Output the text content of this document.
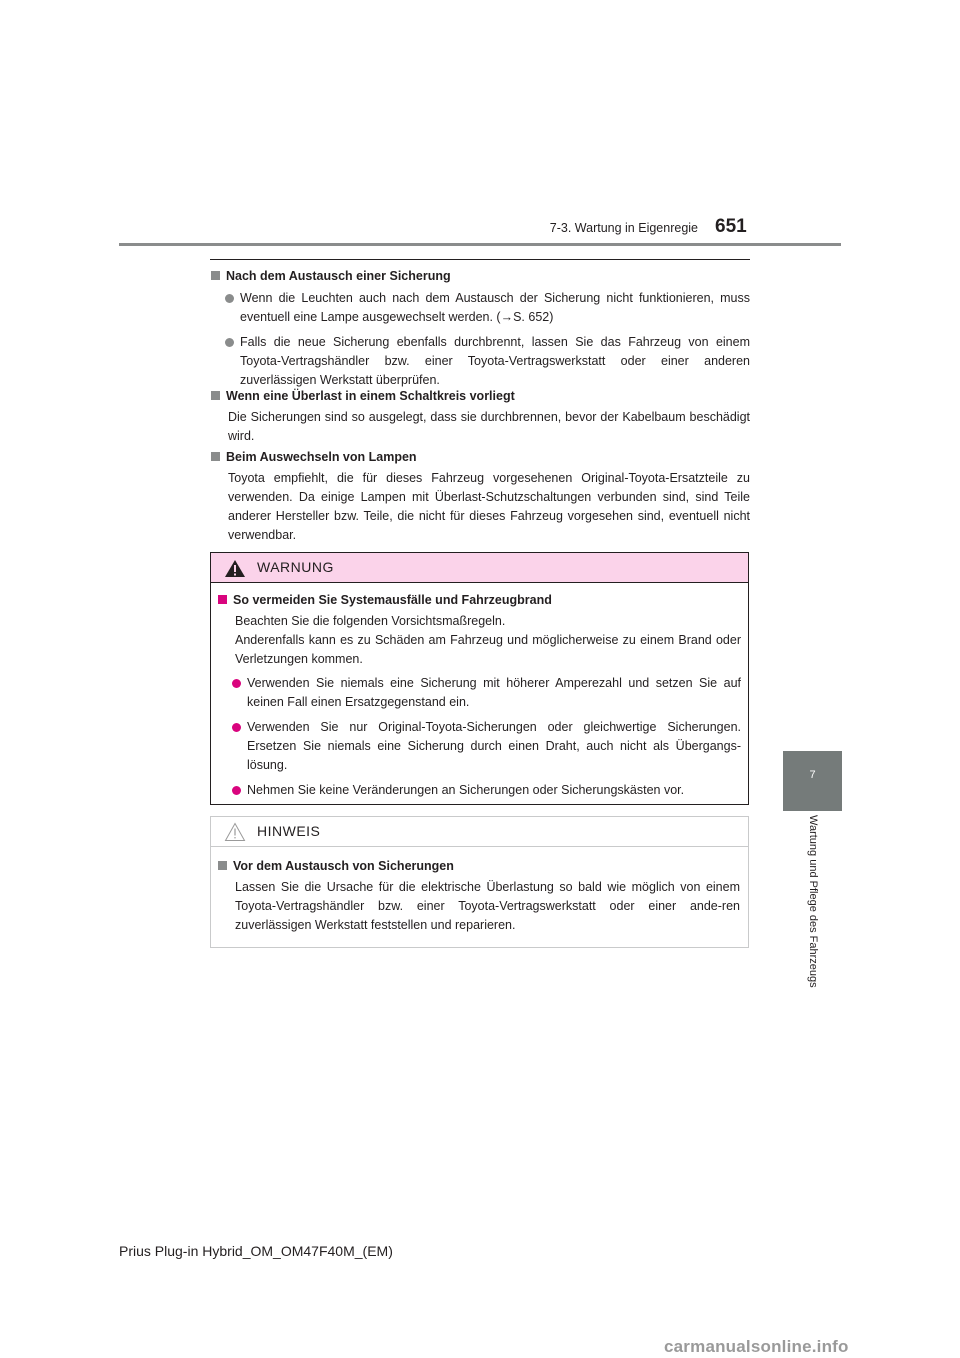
7-3. Wartung in Eigenregie 651
7
Wartung und Pflege des Fahrzeugs
Nach dem Austausch einer Sicherung
Wenn die Leuchten auch nach dem Austausch der Sicherung nicht funktionieren, muss eventuell eine Lampe ausgewechselt werden. (→S. 652)
Falls die neue Sicherung ebenfalls durchbrennt, lassen Sie das Fahrzeug von einem Toyota-Vertragshändler bzw. einer Toyota-Vertragswerkstatt oder einer anderen zuverlässigen Werkstatt überprüfen.
Wenn eine Überlast in einem Schaltkreis vorliegt
Die Sicherungen sind so ausgelegt, dass sie durchbrennen, bevor der Kabelbaum beschädigt wird.
Beim Auswechseln von Lampen
Toyota empfiehlt, die für dieses Fahrzeug vorgesehenen Original-Toyota-Ersatzteile zu verwenden. Da einige Lampen mit Überlast-Schutzschaltungen verbunden sind, sind Teile anderer Hersteller bzw. Teile, die nicht für dieses Fahrzeug vorgesehen sind, eventuell nicht verwendbar.
WARNUNG
So vermeiden Sie Systemausfälle und Fahrzeugbrand
Beachten Sie die folgenden Vorsichtsmaßregeln.
Anderenfalls kann es zu Schäden am Fahrzeug und möglicherweise zu einem Brand oder Verletzungen kommen.
Verwenden Sie niemals eine Sicherung mit höherer Amperezahl und setzen Sie auf keinen Fall einen Ersatzgegenstand ein.
Verwenden Sie nur Original-Toyota-Sicherungen oder gleichwertige Sicherungen. Ersetzen Sie niemals eine Sicherung durch einen Draht, auch nicht als Übergangs-lösung.
Nehmen Sie keine Veränderungen an Sicherungen oder Sicherungskästen vor.
HINWEIS
Vor dem Austausch von Sicherungen
Lassen Sie die Ursache für die elektrische Überlastung so bald wie möglich von einem Toyota-Vertragshändler bzw. einer Toyota-Vertragswerkstatt oder einer ande-ren zuverlässigen Werkstatt feststellen und reparieren.
Prius Plug-in Hybrid_OM_OM47F40M_(EM)
carmanualsonline.info
